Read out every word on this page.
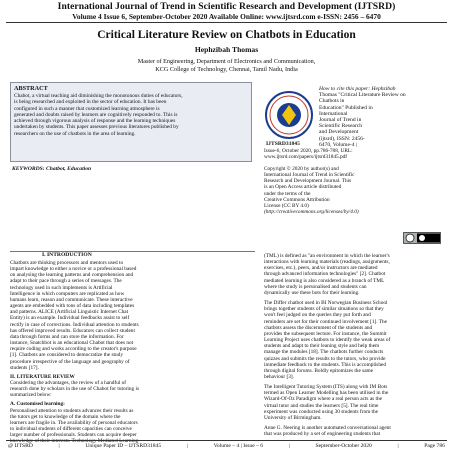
International Journal of Trend in Scientific Research and Development (IJTSRD)
Volume 4 Issue 6, September-October 2020 Available Online: www.ijtsrd.com e-ISSN: 2456 – 6470
Critical Literature Review on Chatbots in Education
Hephzibah Thomas
Master of Engineering, Department of Electronics and Communication,
KCG College of Technology, Chennai, Tamil Nadu, India
ABSTRACT
Chabot, a virtual teaching aid diminishing the monotonous duties of educators,
is being researched and exploited in the sector of education. It has been
configured in such a manner that customized learning atmosphere is
generated and doubts raised by learners are cognitively responded to. This is
achieved through vigorous analysis of response and the learning techniques
undertaken by students. This paper assesses previous literatures published by
researchers on the use of chatbots in the area of learning.
KEYWORDS: Chatbot, Education
IJTSRD31845
How to cite this paper: Hephzibah
Thomas "Critical Literature Review on
Chatbots in
Education" Published in
International
Journal of Trend in
Scientific Research
and Development
(ijtsrd), ISSN: 2456-
6470, Volume-4 |
Issue-6, October 2020, pp.786-788, URL:
www.ijtsrd.com/papers/ijtsrd31845.pdf
Copyright © 2020 by author(s) and
International Journal of Trend in Scientific
Research and Development Journal. This
is an Open Access article distributed
under the terms of the
Creative Commons Attribution
License (CC BY 4.0)
(http://creativecommons.org/licenses/by/4.0)
I. INTRODUCTION

Chatbots are thinking processors and mentors used to

impart knowledge to either a novice or a professional based

on analysing the learning patterns and comprehension and

adapt to their pace through a series of messages. The

technology used in such implements is Artificial

Intelligence in which computers are replicated as how

humans learn, reason and communicate. These interactive

agents are embedded with tons of data including templates

and patterns. ALICE (Artificial Linguistic Internet Chat

Entity) is an example. Individual feedbacks assist to self

rectify in case of corrections. Individual attention to students

has offered improved results. Educators can collect student

data through forms and can store the information. For

instance, Snatchbot is an educational Chabot that does not

require coding and works according to the creator's purpose

[1]. Chatbots are considered to democratize the study

procedure irrespective of the language and geography of

students [17].

II. LITERATURE REVIEW

Considering the advantages, the review of a handful of

research done by scholars in the use of Chabot for tutoring is

summarized below:

A. Customised learning:

Personalised attention to students advances their results as

the tutors get to knowledge of the domain where the

learners are fragile in. The availability of personal educators

to individual students of different capacities can conceive

larger number of professionals. Students can acquire deeper

knowledge of their interests. Technology Mediated Learning

(TML) is defined as "an environment in which the learner's

interactions with learning materials (readings, assignments,

exercises, etc.), peers, and/or instructors are mediated

through advanced information technologies" [2]. Chatbot

mediated learning is also considered as a branch of TML

where the study is personalised and students can

dynamically use these bots for their learning.

The Differ chatbot used in BI Norwegian Business School

brings together students of similar situations so that they

won't feel judged on the queries they put forth and

reminders are set for their continued involvement [1]. The

chatbots assess the discernment of the students and

provides the subsequent lecture. For instance, the Summit

Learning Project uses chatbots to identify the weak areas of

students and adapt to their leaning style and help them

manage the modules [18]. The chatbots further conducts

quizzes and submits the results to the tutors, who provide

immediate feedback to the students. This is accomplished

through digital forums. Boldly epitomizes the same

behaviour [3].

The Intelligent Tutoring System (ITS) along with IM Bots

termed as Open Learner Modelling has been utilised in the

Wizard-Of-Oz Paradigm where a real person acts as the

virtual tutor and studies the learners [5]. The real time

experiment was conducted using 30 students from the

University of Birmingham.

Anne G. Neering is another automated conversational agent

that was produced by a set of engineering students that

@ IJTSRD	|	Unique Paper ID – IJTSRD31845	|	Volume – 4 | Issue – 6	|	September-October 2020	|	Page 786
